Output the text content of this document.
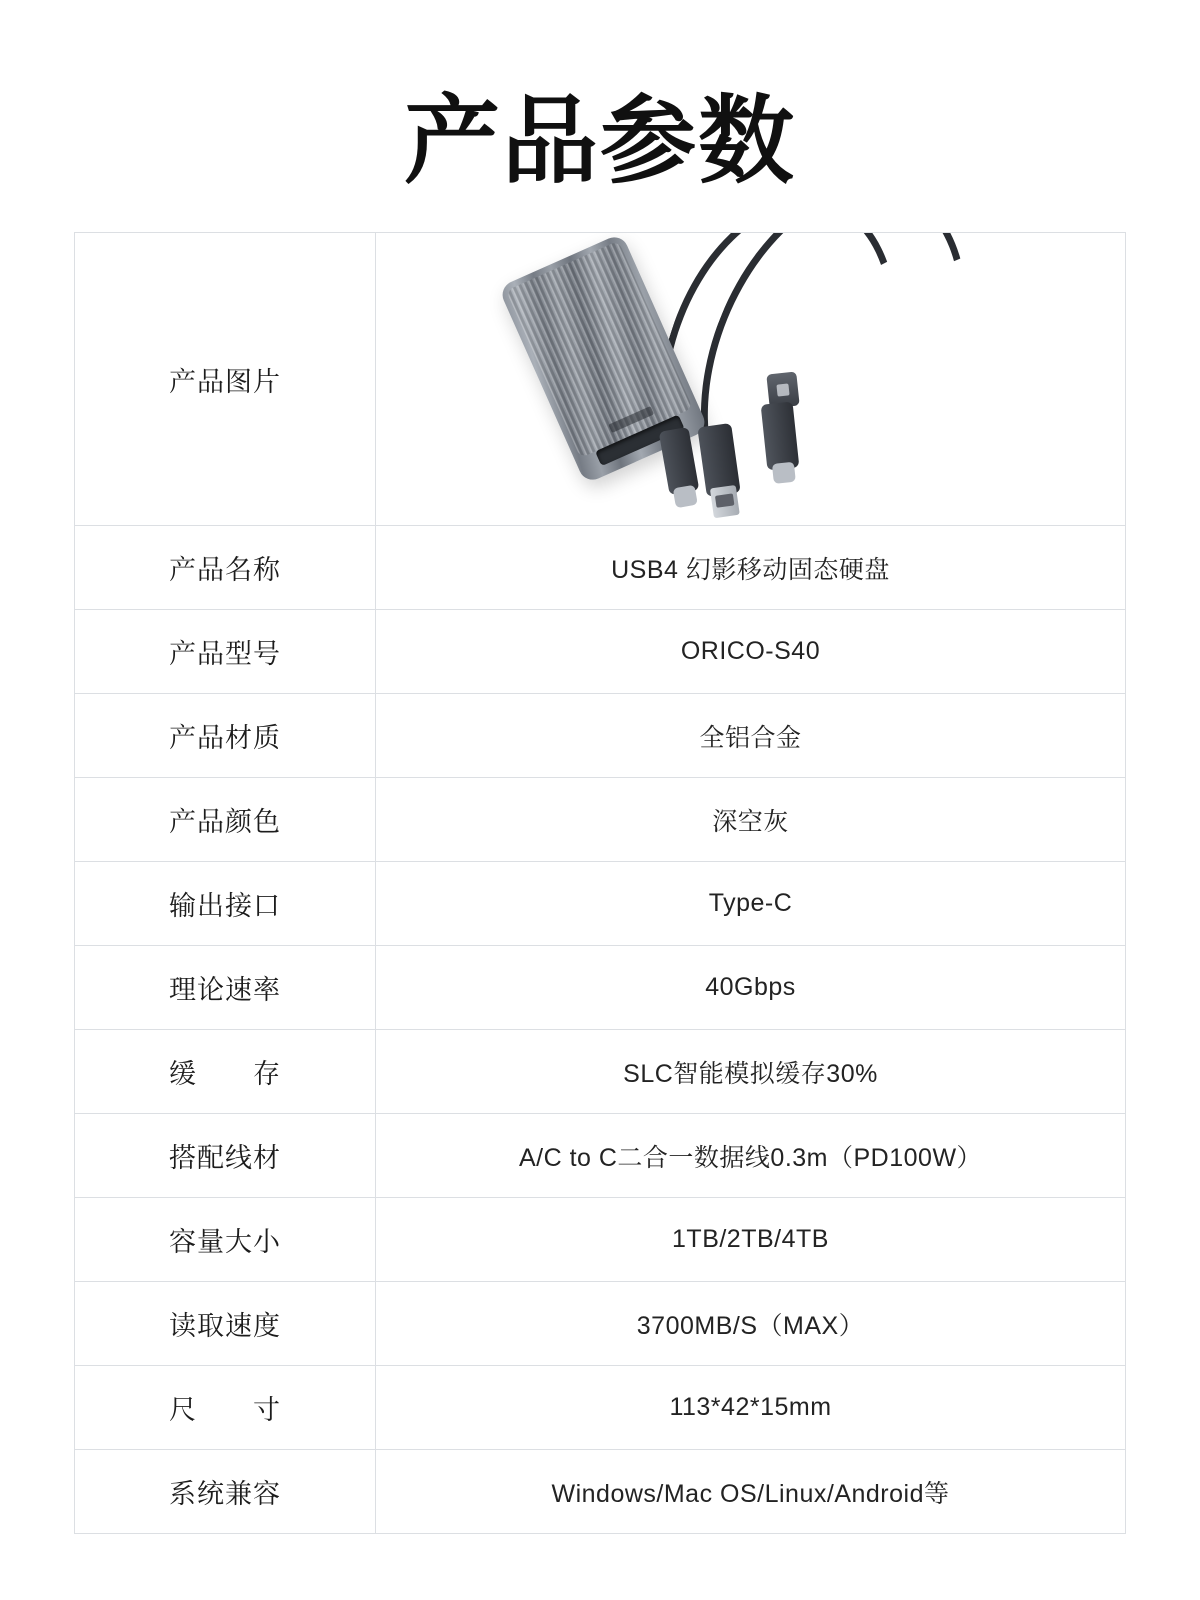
产品参数
产品图片	

产品名称	USB4 幻影移动固态硬盘
产品型号	ORICO-S40
产品材质	全铝合金
产品颜色	深空灰
输出接口	Type-C
理论速率	40Gbps
缓　　存	SLC智能模拟缓存30%
搭配线材	A/C to C二合一数据线0.3m（PD100W）
容量大小	1TB/2TB/4TB
读取速度	3700MB/S（MAX）
尺　　寸	113*42*15mm
系统兼容	Windows/Mac OS/Linux/Android等
